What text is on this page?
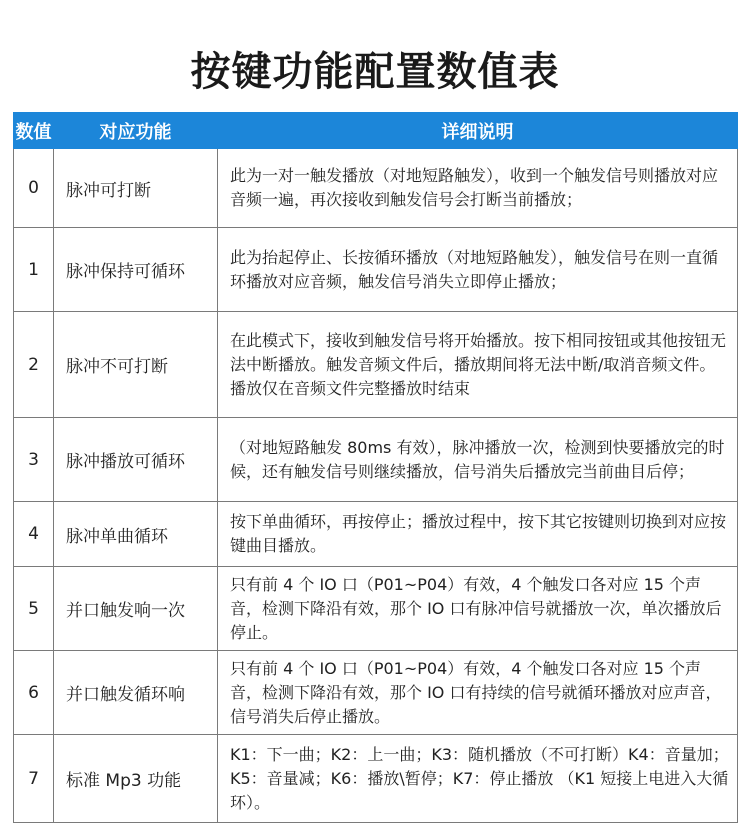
按键功能配置数值表
数值	对应功能	详细说明
0	脉冲可打断	此为一对一触发播放（对地短路触发），收到一个触发信号则播放对应音频一遍，再次接收到触发信号会打断当前播放；
1	脉冲保持可循环	此为抬起停止、长按循环播放（对地短路触发），触发信号在则一直循环播放对应音频，触发信号消失立即停止播放；
2	脉冲不可打断	在此模式下，接收到触发信号将开始播放。按下相同按钮或其他按钮无法中断播放。触发音频文件后，播放期间将无法中断/取消音频文件。播放仅在音频文件完整播放时结束
3	脉冲播放可循环	（对地短路触发 80ms 有效），脉冲播放一次，检测到快要播放完的时候，还有触发信号则继续播放，信号消失后播放完当前曲目后停；
4	脉冲单曲循环	按下单曲循环，再按停止；播放过程中，按下其它按键则切换到对应按键曲目播放。
5	并口触发响一次	只有前 4 个 IO 口（P01~P04）有效，4 个触发口各对应 15 个声音，检测下降沿有效，那个 IO 口有脉冲信号就播放一次，单次播放后停止。
6	并口触发循环响	只有前 4 个 IO 口（P01~P04）有效，4 个触发口各对应 15 个声音，检测下降沿有效，那个 IO 口有持续的信号就循环播放对应声音，信号消失后停止播放。
7	标准 Mp3 功能	K1：下一曲；K2：上一曲；K3：随机播放（不可打断）K4：音量加；K5：音量减；K6：播放\暂停；K7：停止播放 （K1 短接上电进入大循环）。
